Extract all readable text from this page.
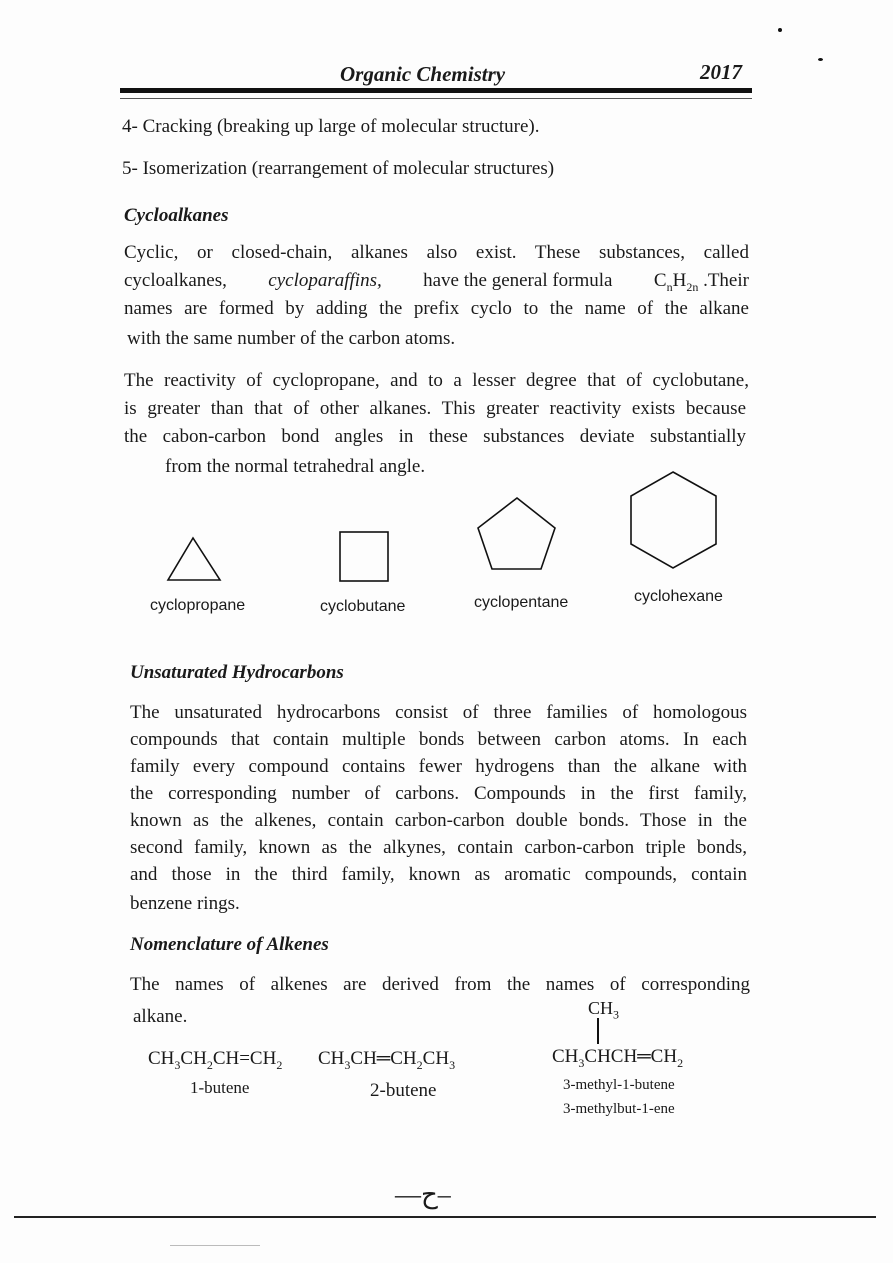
Organic Chemistry	2017
4- Cracking (breaking up large of molecular structure).
5- Isomerization (rearrangement of molecular structures)
Cycloalkanes
Cyclic, or closed-chain, alkanes also exist. These substances, called
cycloalkanes, cycloparaffins, have the general formula $C_nH_{2n}$ .Their
names are formed by adding the prefix cyclo to the name of the alkane
with the same number of the carbon atoms.
The reactivity of cyclopropane, and to a lesser degree that of cyclobutane,
is greater than that of other alkanes. This greater reactivity exists because
the cabon-carbon bond angles in these substances deviate substantially
from the normal tetrahedral angle.
cyclopropane	cyclobutane	cyclopentane	cyclohexane
Unsaturated Hydrocarbons
The unsaturated hydrocarbons consist of three families of homologous
compounds that contain multiple bonds between carbon atoms. In each
family every compound contains fewer hydrogens than the alkane with
the corresponding number of carbons. Compounds in the first family,
known as the alkenes, contain carbon-carbon double bonds. Those in the
second family, known as the alkynes, contain carbon-carbon triple bonds,
and those in the third family, known as aromatic compounds, contain
benzene rings.
Nomenclature of Alkenes
The names of alkenes are derived from the names of corresponding
alkane.
$CH_3CH_2CH=CH_2$
1-butene
$CH_3CH═CH_2CH_3$
2-butene
$CH_3$
$CH_3CHCH═CH_2$
3-methyl-1-butene
3-methylbut-1-ene
—ح–
